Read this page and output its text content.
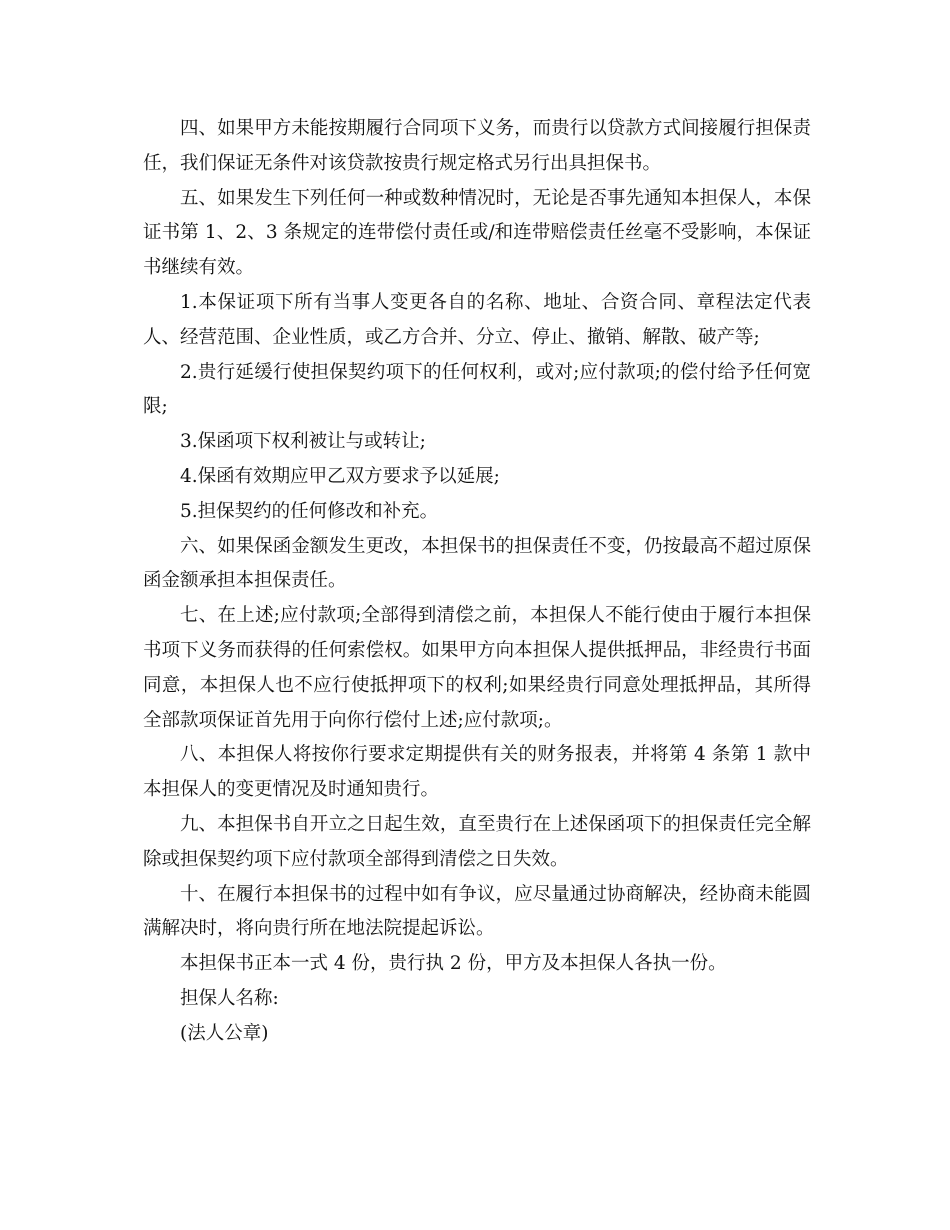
四、如果甲方未能按期履行合同项下义务，而贵行以贷款方式间接履行担保责任，我们保证无条件对该贷款按贵行规定格式另行出具担保书。

五、如果发生下列任何一种或数种情况时，无论是否事先通知本担保人，本保证书第 1、2、3 条规定的连带偿付责任或/和连带赔偿责任丝毫不受影响，本保证书继续有效。

1.本保证项下所有当事人变更各自的名称、地址、合资合同、章程法定代表人、经营范围、企业性质，或乙方合并、分立、停止、撤销、解散、破产等;

2.贵行延缓行使担保契约项下的任何权利，或对;应付款项;的偿付给予任何宽限;

3.保函项下权利被让与或转让;

4.保函有效期应甲乙双方要求予以延展;

5.担保契约的任何修改和补充。

六、如果保函金额发生更改，本担保书的担保责任不变，仍按最高不超过原保函金额承担本担保责任。

七、在上述;应付款项;全部得到清偿之前，本担保人不能行使由于履行本担保书项下义务而获得的任何索偿权。如果甲方向本担保人提供抵押品，非经贵行书面同意，本担保人也不应行使抵押项下的权利;如果经贵行同意处理抵押品，其所得全部款项保证首先用于向你行偿付上述;应付款项;。

八、本担保人将按你行要求定期提供有关的财务报表，并将第 4 条第 1 款中本担保人的变更情况及时通知贵行。

九、本担保书自开立之日起生效，直至贵行在上述保函项下的担保责任完全解除或担保契约项下应付款项全部得到清偿之日失效。

十、在履行本担保书的过程中如有争议，应尽量通过协商解决，经协商未能圆满解决时，将向贵行所在地法院提起诉讼。

本担保书正本一式 4 份，贵行执 2 份，甲方及本担保人各执一份。

担保人名称:

(法人公章)
